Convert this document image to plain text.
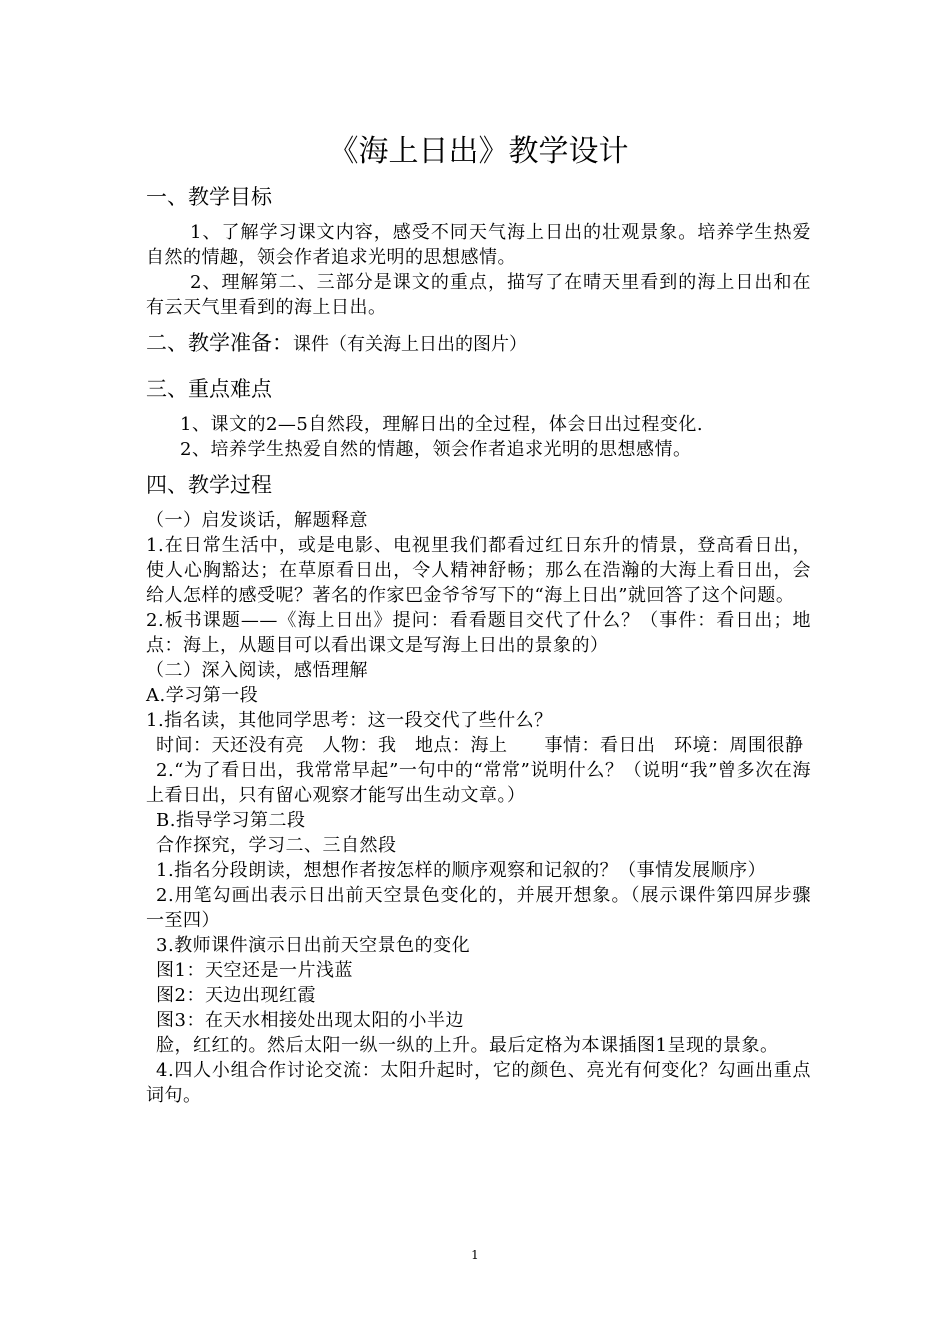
《海上日出》教学设计
一、教学目标

1、了解学习课文内容，感受不同天气海上日出的壮观景象。培养学生热爱自然的情趣，领会作者追求光明的思想感情。

2、理解第二、三部分是课文的重点，描写了在晴天里看到的海上日出和在有云天气里看到的海上日出。

二、教学准备：课件（有关海上日出的图片）
三、重点难点

1、课文的2—5自然段，理解日出的全过程，体会日出过程变化.

2、培养学生热爱自然的情趣，领会作者追求光明的思想感情。

四、教学过程

（一）启发谈话，解题释意

1.在日常生活中，或是电影、电视里我们都看过红日东升的情景，登高看日出，使人心胸豁达；在草原看日出，令人精神舒畅；那么在浩瀚的大海上看日出，会给人怎样的感受呢？著名的作家巴金爷爷写下的“海上日出”就回答了这个问题。

2.板书课题——《海上日出》提问：看看题目交代了什么？（事件：看日出；地点：海上，从题目可以看出课文是写海上日出的景象的）

（二）深入阅读，感悟理解

A.学习第一段

1.指名读，其他同学思考：这一段交代了些什么？

时间：天还没有亮　人物：我　地点：海上　　事情：看日出　环境：周围很静

2.“为了看日出，我常常早起”一句中的“常常”说明什么？（说明“我”曾多次在海上看日出，只有留心观察才能写出生动文章。）

B.指导学习第二段

合作探究，学习二、三自然段

1.指名分段朗读，想想作者按怎样的顺序观察和记叙的？（事情发展顺序）

2.用笔勾画出表示日出前天空景色变化的，并展开想象。（展示课件第四屏步骤一至四）

3.教师课件演示日出前天空景色的变化

图1：天空还是一片浅蓝

图2：天边出现红霞

图3：在天水相接处出现太阳的小半边

脸，红红的。然后太阳一纵一纵的上升。最后定格为本课插图1呈现的景象。

4.四人小组合作讨论交流：太阳升起时，它的颜色、亮光有何变化？勾画出重点词句。

1
